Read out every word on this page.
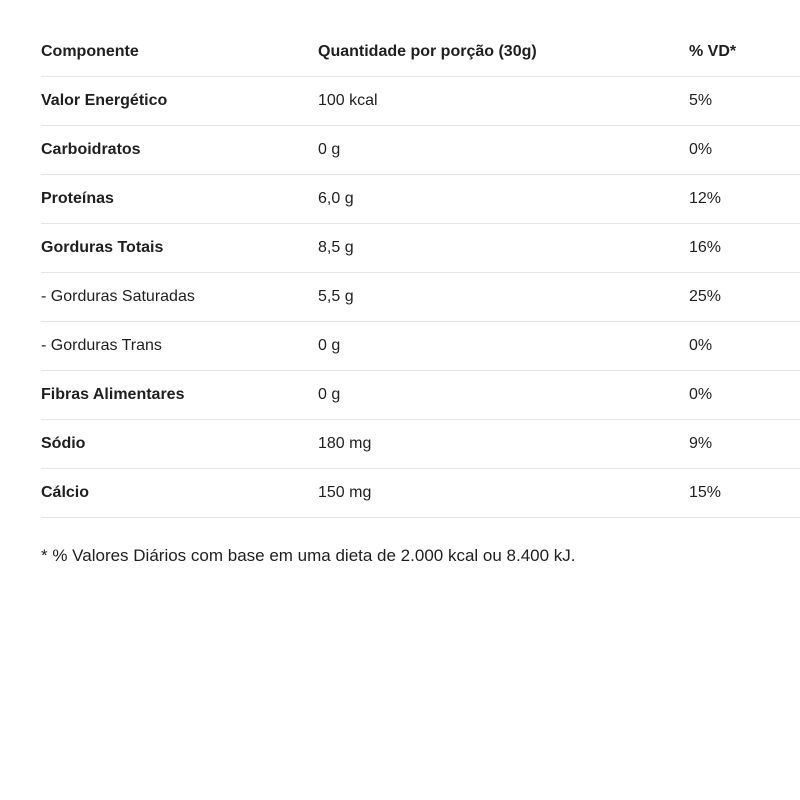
Componente	Quantidade por porção (30g)	% VD*
Valor Energético	100 kcal	5%
Carboidratos	0 g	0%
Proteínas	6,0 g	12%
Gorduras Totais	8,5 g	16%
- Gorduras Saturadas	5,5 g	25%
- Gorduras Trans	0 g	0%
Fibras Alimentares	0 g	0%
Sódio	180 mg	9%
Cálcio	150 mg	15%
* % Valores Diários com base em uma dieta de 2.000 kcal ou 8.400 kJ.
